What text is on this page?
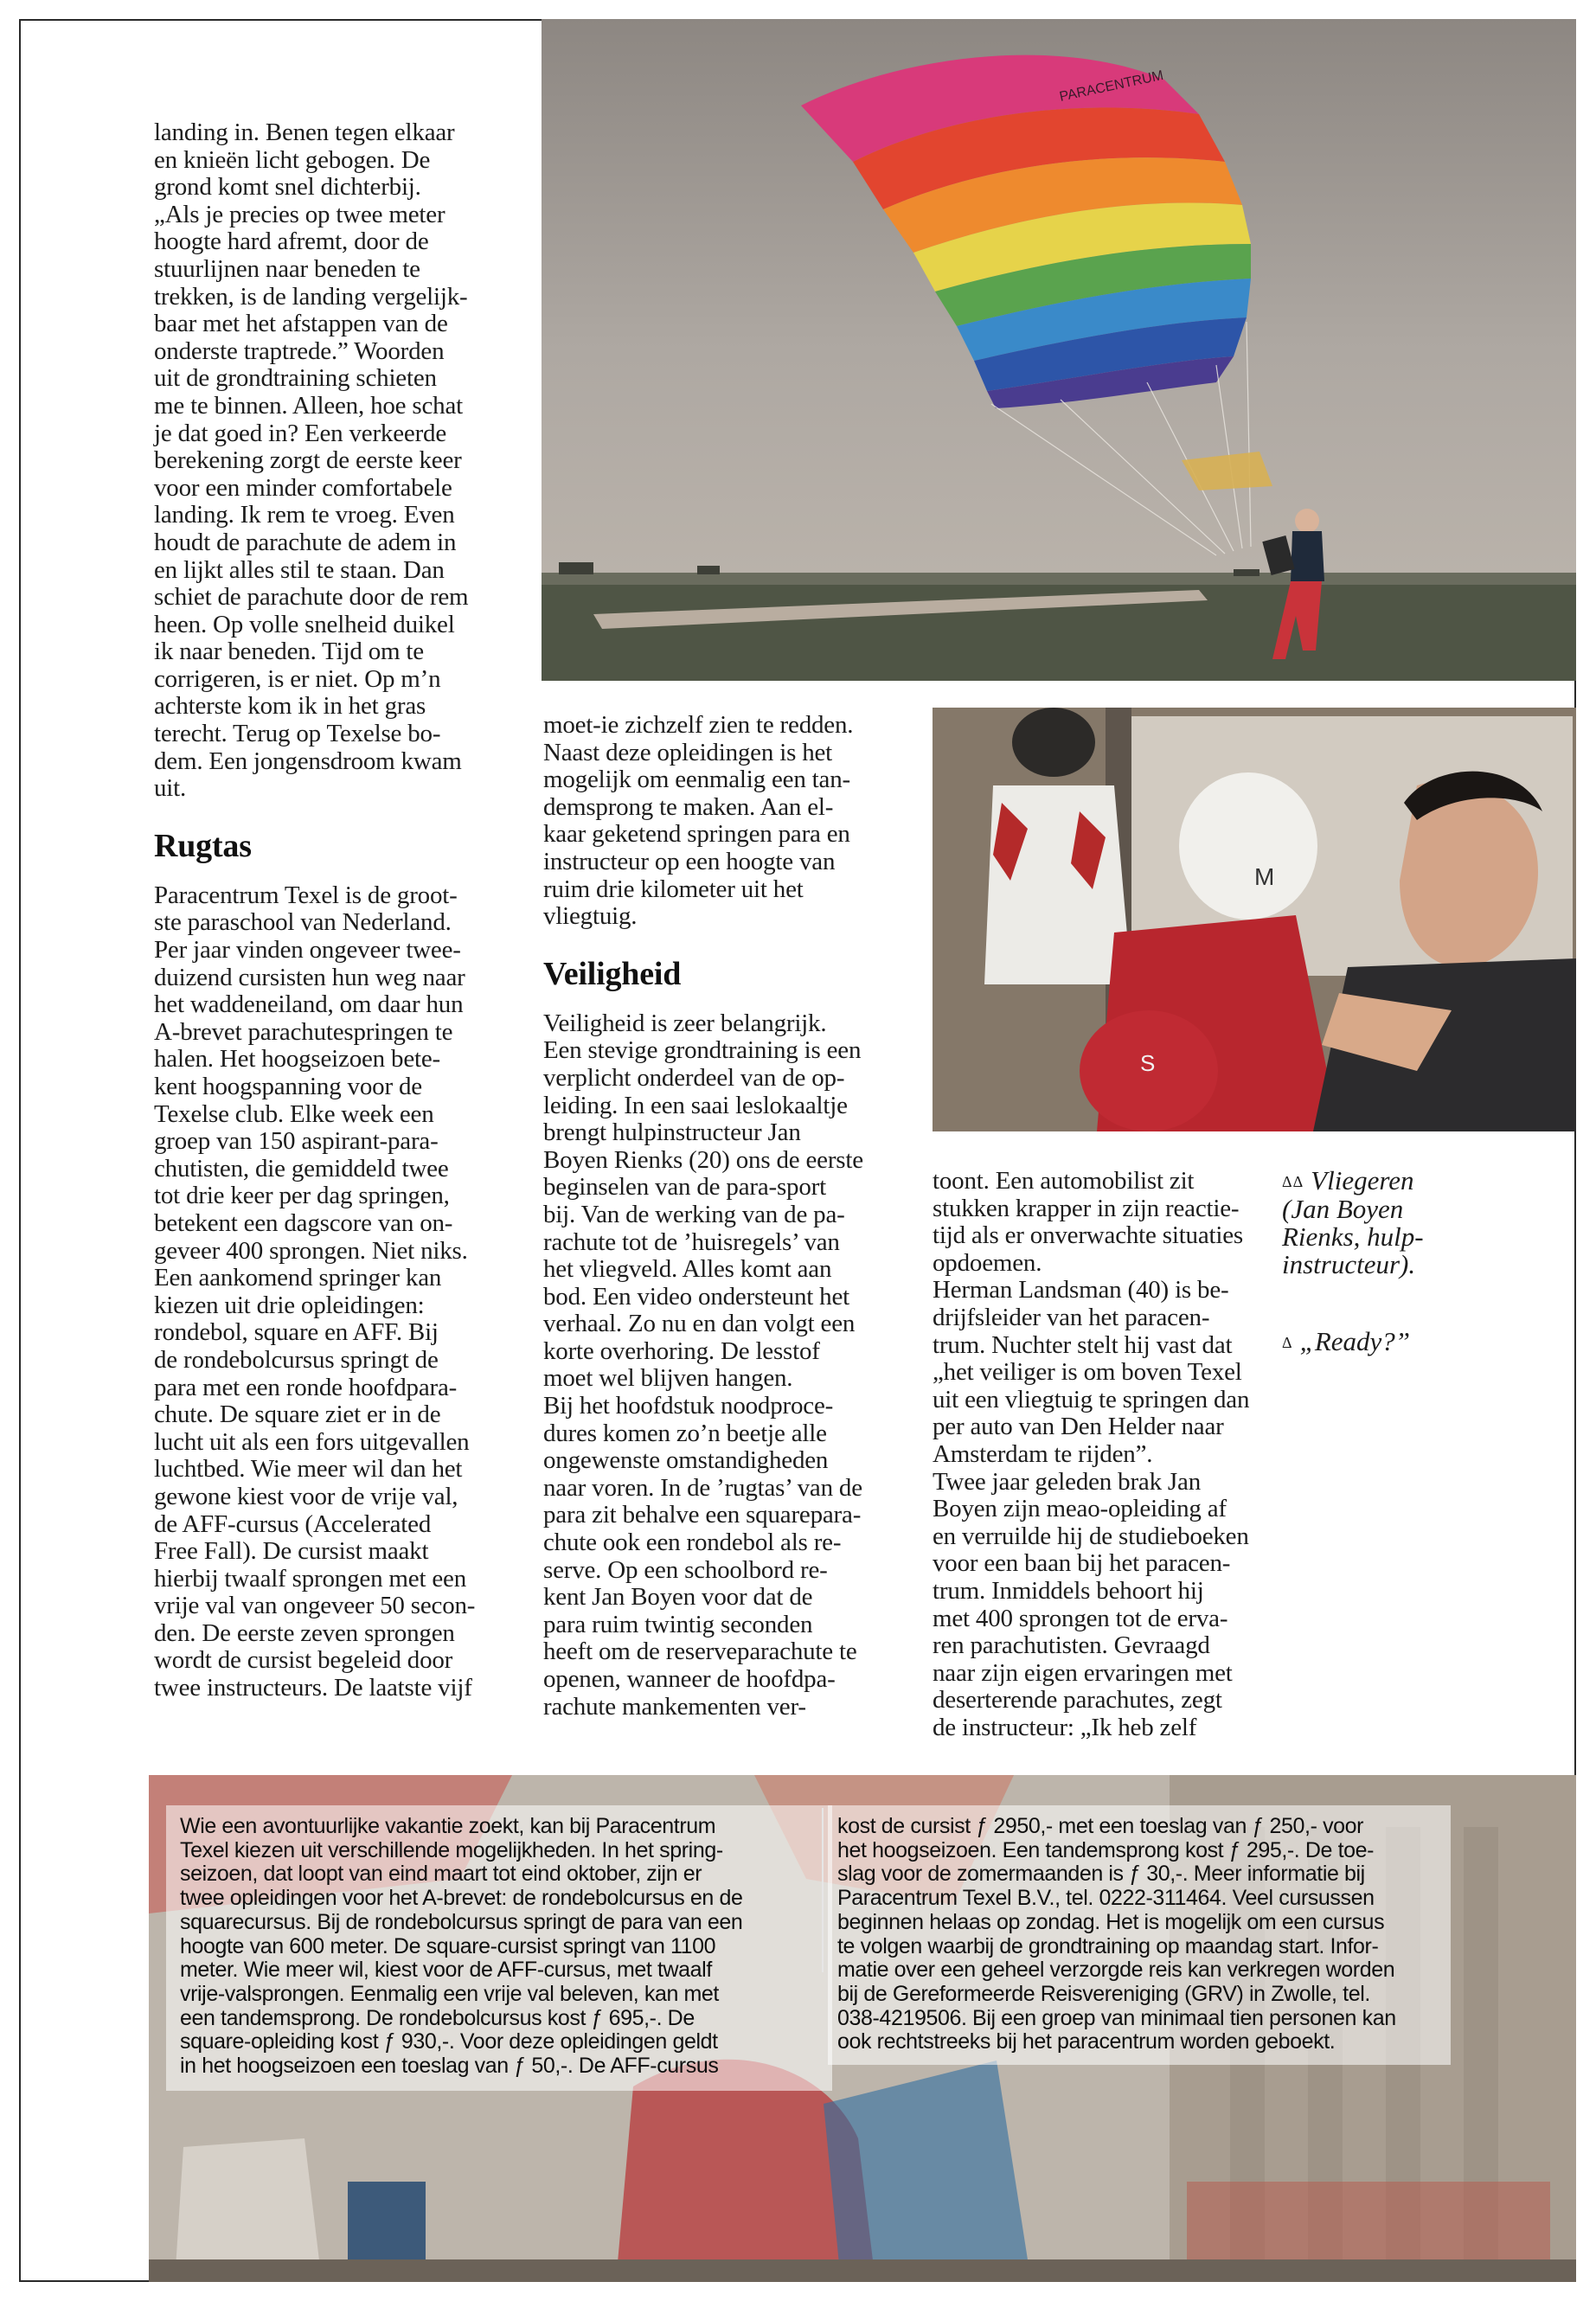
PARACENTRUM
M
S

landing in. Benen tegen elkaar
en knieën licht gebogen. De
grond komt snel dichterbij.
„Als je precies op twee meter
hoogte hard afremt, door de
stuurlijnen naar beneden te
trekken, is de landing vergelijk-
baar met het afstappen van de
onderste traptrede.” Woorden
uit de grondtraining schieten
me te binnen. Alleen, hoe schat
je dat goed in? Een verkeerde
berekening zorgt de eerste keer
voor een minder comfortabele
landing. Ik rem te vroeg. Even
houdt de parachute de adem in
en lijkt alles stil te staan. Dan
schiet de parachute door de rem
heen. Op volle snelheid duikel
ik naar beneden. Tijd om te
corrigeren, is er niet. Op m’n
achterste kom ik in het gras
terecht. Terug op Texelse bo-
dem. Een jongensdroom kwam
uit.

Rugtas

Paracentrum Texel is de groot-
ste paraschool van Nederland.
Per jaar vinden ongeveer twee-
duizend cursisten hun weg naar
het waddeneiland, om daar hun
A-brevet parachutespringen te
halen. Het hoogseizoen bete-
kent hoogspanning voor de
Texelse club. Elke week een
groep van 150 aspirant-para-
chutisten, die gemiddeld twee
tot drie keer per dag springen,
betekent een dagscore van on-
geveer 400 sprongen. Niet niks.
Een aankomend springer kan
kiezen uit drie opleidingen:
rondebol, square en AFF. Bij
de rondebolcursus springt de
para met een ronde hoofdpara-
chute. De square ziet er in de
lucht uit als een fors uitgevallen
luchtbed. Wie meer wil dan het
gewone kiest voor de vrije val,
de AFF-cursus (Accelerated
Free Fall). De cursist maakt
hierbij twaalf sprongen met een
vrije val van ongeveer 50 secon-
den. De eerste zeven sprongen
wordt de cursist begeleid door
twee instructeurs. De laatste vijf

moet-ie zichzelf zien te redden.
Naast deze opleidingen is het
mogelijk om eenmalig een tan-
demsprong te maken. Aan el-
kaar geketend springen para en
instructeur op een hoogte van
ruim drie kilometer uit het
vliegtuig.

Veiligheid

Veiligheid is zeer belangrijk.
Een stevige grondtraining is een
verplicht onderdeel van de op-
leiding. In een saai leslokaaltje
brengt hulpinstructeur Jan
Boyen Rienks (20) ons de eerste
beginselen van de para-sport
bij. Van de werking van de pa-
rachute tot de ’huisregels’ van
het vliegveld. Alles komt aan
bod. Een video ondersteunt het
verhaal. Zo nu en dan volgt een
korte overhoring. De lesstof
moet wel blijven hangen.
Bij het hoofdstuk noodproce-
dures komen zo’n beetje alle
ongewenste omstandigheden
naar voren. In de ’rugtas’ van de
para zit behalve een squarepara-
chute ook een rondebol als re-
serve. Op een schoolbord re-
kent Jan Boyen voor dat de
para ruim twintig seconden
heeft om de reserveparachute te
openen, wanneer de hoofdpa-
rachute mankementen ver-

toont. Een automobilist zit
stukken krapper in zijn reactie-
tijd als er onverwachte situaties
opdoemen.
Herman Landsman (40) is be-
drijfsleider van het paracen-
trum. Nuchter stelt hij vast dat
„het veiliger is om boven Texel
uit een vliegtuig te springen dan
per auto van Den Helder naar
Amsterdam te rijden”.
Twee jaar geleden brak Jan
Boyen zijn meao-opleiding af
en verruilde hij de studieboeken
voor een baan bij het paracen-
trum. Inmiddels behoort hij
met 400 sprongen tot de erva-
ren parachutisten. Gevraagd
naar zijn eigen ervaringen met
deserterende parachutes, zegt
de instructeur: „Ik heb zelf

ΔΔ Vliegeren
(Jan Boyen
Rienks, hulp-
instructeur).
Δ „Ready?”
Wie een avontuurlijke vakantie zoekt, kan bij Paracentrum
Texel kiezen uit verschillende mogelijkheden. In het spring-
seizoen, dat loopt van eind maart tot eind oktober, zijn er
twee opleidingen voor het A-brevet: de rondebolcursus en de
squarecursus. Bij de rondebolcursus springt de para van een
hoogte van 600 meter. De square-cursist springt van 1100
meter. Wie meer wil, kiest voor de AFF-cursus, met twaalf
vrije-valsprongen. Eenmalig een vrije val beleven, kan met
een tandemsprong. De rondebolcursus kost ƒ 695,-. De
square-opleiding kost ƒ 930,-. Voor deze opleidingen geldt
in het hoogseizoen een toeslag van ƒ 50,-. De AFF-cursus
kost de cursist ƒ 2950,- met een toeslag van ƒ 250,- voor
het hoogseizoen. Een tandemsprong kost ƒ 295,-. De toe-
slag voor de zomermaanden is ƒ 30,-. Meer informatie bij
Paracentrum Texel B.V., tel. 0222-311464. Veel cursussen
beginnen helaas op zondag. Het is mogelijk om een cursus
te volgen waarbij de grondtraining op maandag start. Infor-
matie over een geheel verzorgde reis kan verkregen worden
bij de Gereformeerde Reisvereniging (GRV) in Zwolle, tel.
038-4219506. Bij een groep van minimaal tien personen kan
ook rechtstreeks bij het paracentrum worden geboekt.
